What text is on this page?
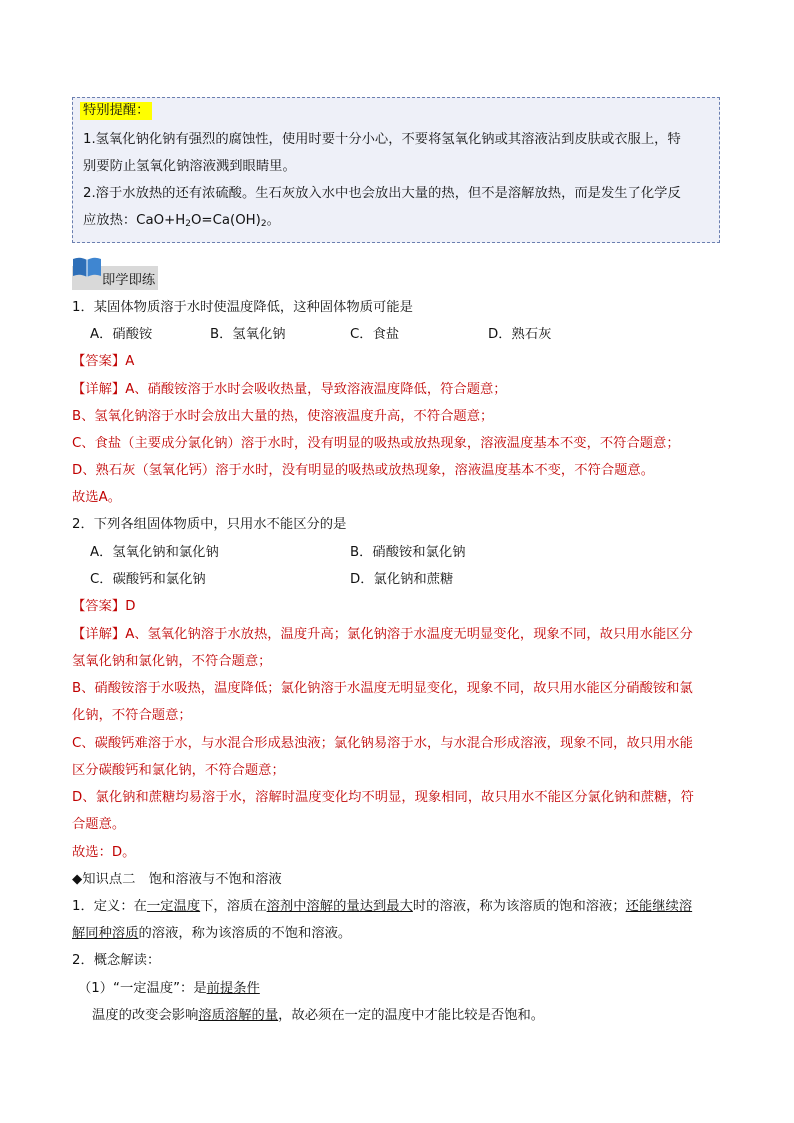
特别提醒：
1.氢氧化钠化钠有强烈的腐蚀性，使用时要十分小心，不要将氢氧化钠或其溶液沾到皮肤或衣服上，特
别要防止氢氧化钠溶液溅到眼睛里。
2.溶于水放热的还有浓硫酸。生石灰放入水中也会放出大量的热，但不是溶解放热，而是发生了化学反
应放热：$CaO+H_2O=Ca(OH)_2$。
即学即练
1．某固体物质溶于水时使温度降低，这种固体物质可能是
A．硝酸铵	B．氢氧化钠	C．食盐	D．熟石灰
【答案】A
【详解】A、硝酸铵溶于水时会吸收热量，导致溶液温度降低，符合题意；
B、氢氧化钠溶于水时会放出大量的热，使溶液温度升高，不符合题意；
C、食盐（主要成分氯化钠）溶于水时，没有明显的吸热或放热现象，溶液温度基本不变，不符合题意；
D、熟石灰（氢氧化钙）溶于水时，没有明显的吸热或放热现象，溶液温度基本不变，不符合题意。
故选A。
2．下列各组固体物质中，只用水不能区分的是
A．氢氧化钠和氯化钠	B．硝酸铵和氯化钠
C．碳酸钙和氯化钠	D．氯化钠和蔗糖
【答案】D
【详解】A、氢氧化钠溶于水放热，温度升高；氯化钠溶于水温度无明显变化，现象不同，故只用水能区分
氢氧化钠和氯化钠，不符合题意；
B、硝酸铵溶于水吸热，温度降低；氯化钠溶于水温度无明显变化，现象不同，故只用水能区分硝酸铵和氯
化钠，不符合题意；
C、碳酸钙难溶于水，与水混合形成悬浊液；氯化钠易溶于水，与水混合形成溶液，现象不同，故只用水能
区分碳酸钙和氯化钠，不符合题意；
D、氯化钠和蔗糖均易溶于水，溶解时温度变化均不明显，现象相同，故只用水不能区分氯化钠和蔗糖，符
合题意。
故选：D。
◆知识点二　饱和溶液与不饱和溶液
1．定义：在一定温度下，溶质在溶剂中溶解的量达到最大时的溶液，称为该溶质的饱和溶液；还能继续溶
解同种溶质的溶液，称为该溶质的不饱和溶液。
2．概念解读：
（1）“一定温度”：是前提条件
温度的改变会影响溶质溶解的量，故必须在一定的温度中才能比较是否饱和。
